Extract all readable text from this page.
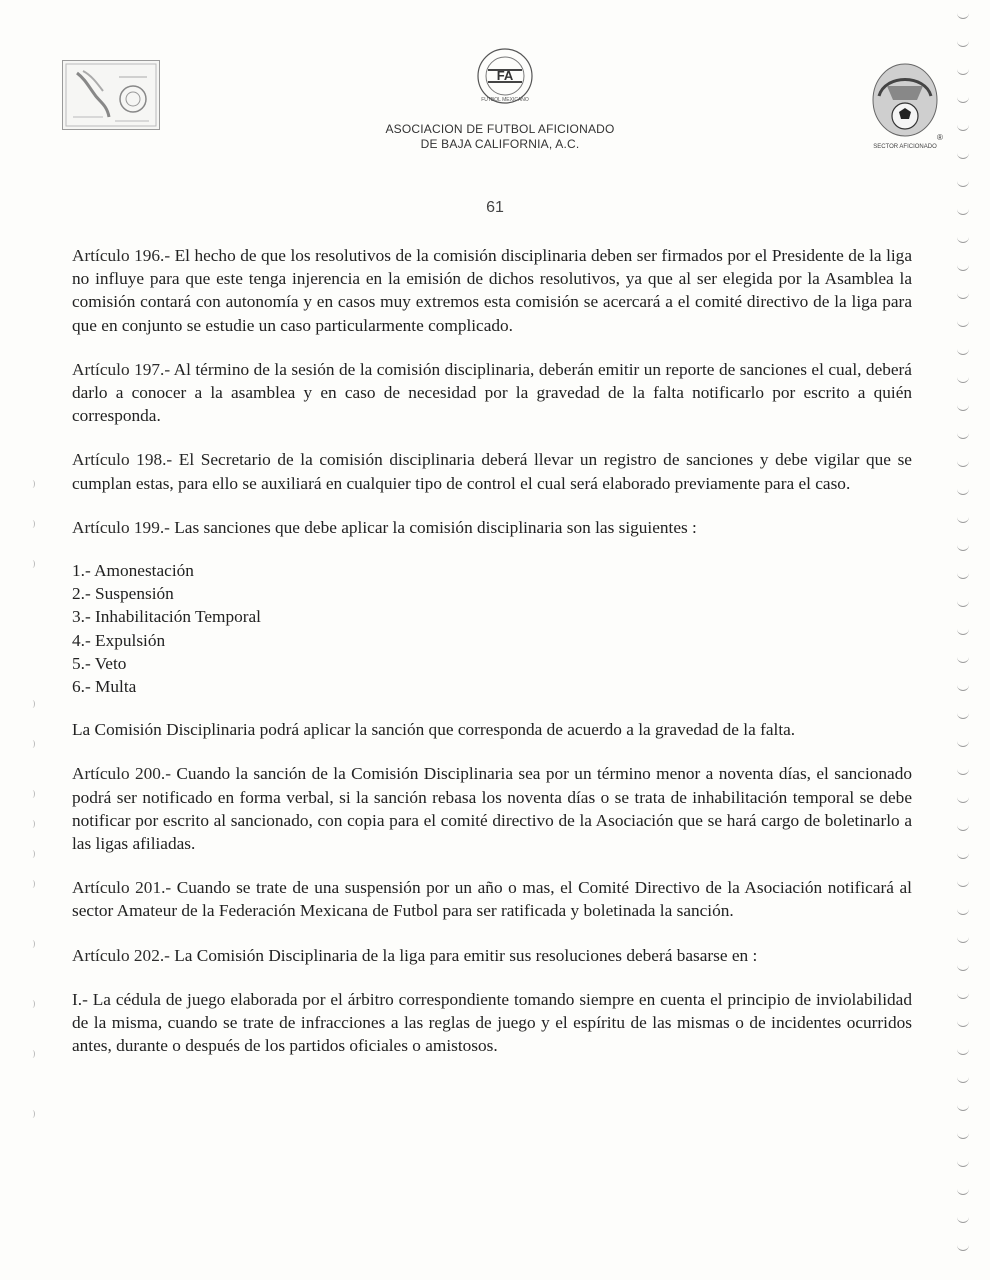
FA
FUTBOL MEXICANO
ASOCIACION DE FUTBOL AFICIONADO
DE BAJA CALIFORNIA, A.C.	®
SECTOR AFICIONADO
61

Artículo 196.- El hecho de que los resolutivos de la comisión disciplinaria deben ser firmados por el Presidente de la liga no influye para que este tenga injerencia en la emisión de dichos resolutivos, ya que al ser elegida por la Asamblea la comisión contará con autonomía y en casos muy extremos esta comisión se acercará a el comité directivo de la liga para que en conjunto se estudie un caso particularmente complicado.

Artículo 197.- Al término de la sesión de la comisión disciplinaria, deberán emitir un reporte de sanciones el cual, deberá darlo a conocer a la asamblea y en caso de necesidad por la gravedad de la falta notificarlo por escrito a quién corresponda.

Artículo 198.- El Secretario de la comisión disciplinaria deberá llevar un registro de sanciones y debe vigilar que se cumplan estas, para ello se auxiliará en cualquier tipo de control el cual será elaborado previamente para el caso.

Artículo 199.- Las sanciones que debe aplicar la comisión disciplinaria son las siguientes :

1.- Amonestación
2.- Suspensión
3.- Inhabilitación Temporal
4.- Expulsión
5.- Veto
6.- Multa

La Comisión Disciplinaria podrá aplicar la sanción que corresponda de acuerdo a la gravedad de la falta.

Artículo 200.- Cuando la sanción de la Comisión Disciplinaria sea por un término menor a noventa días, el sancionado podrá ser notificado en forma verbal, si la sanción rebasa los noventa días o se trata de inhabilitación temporal se debe notificar por escrito al sancionado, con copia para el comité directivo de la Asociación que se hará cargo de boletinarlo a las ligas afiliadas.

Artículo 201.- Cuando se trate de una suspensión por un año o mas, el Comité Directivo de la Asociación notificará al sector Amateur de la Federación Mexicana de Futbol para ser ratificada y boletinada la sanción.

Artículo 202.- La Comisión Disciplinaria de la liga para emitir sus resoluciones deberá basarse en :

I.- La cédula de juego elaborada por el árbitro correspondiente tomando siempre en cuenta el principio de inviolabilidad de la misma, cuando se trate de infracciones a las reglas de juego y el espíritu de las mismas o de incidentes ocurridos antes, durante o después de los partidos oficiales o amistosos.
